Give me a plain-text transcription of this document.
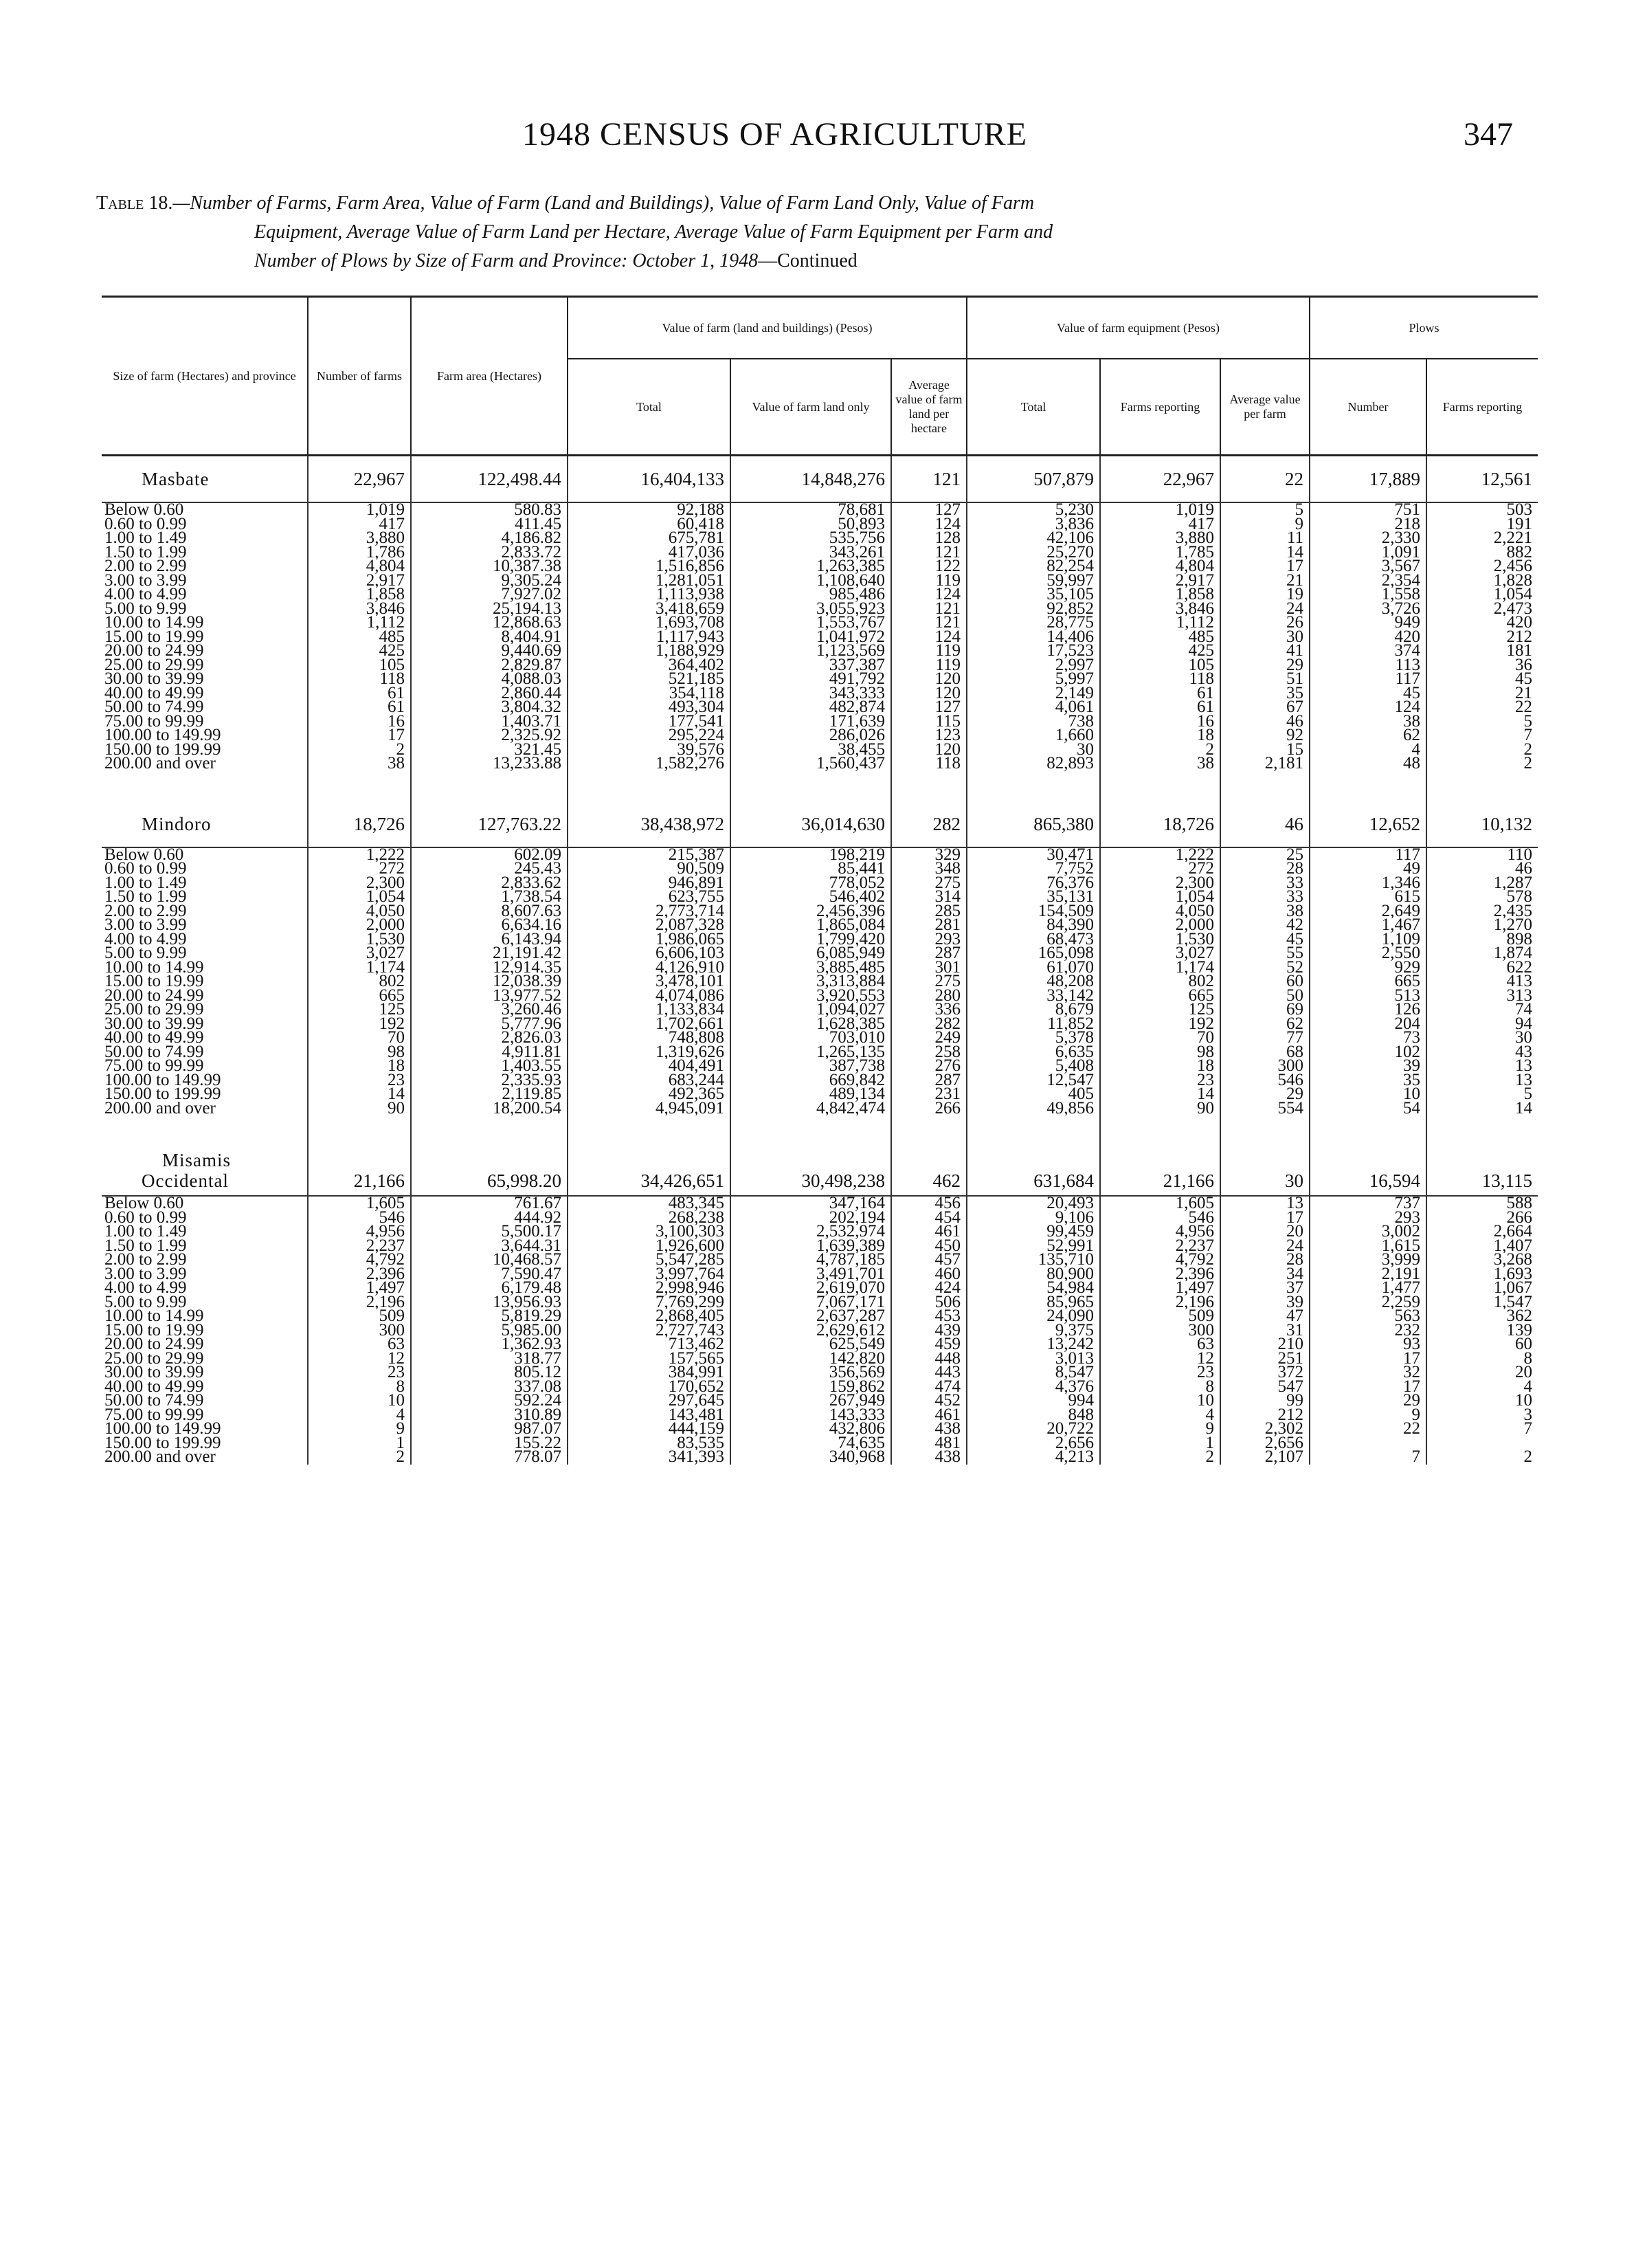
1948 CENSUS OF AGRICULTURE	347
Table 18.—Number of Farms, Farm Area, Value of Farm (Land and Buildings), Value of Farm Land Only, Value of Farm
Equipment, Average Value of Farm Land per Hectare, Average Value of Farm Equipment per Farm and
Number of Plows by Size of Farm and Province: October 1, 1948—Continued
Size of farm (Hectares) and province	Number of farms	Farm area (Hectares)	Value of farm (land and buildings) (Pesos)			Value of farm equipment (Pesos)			Plows	
			Total	Value of farm land only	Average value of farm land per hectare	Total	Farms reporting	Average value per farm	Number	Farms reporting
Masbate	22,967	122,498.44	16,404,133	14,848,276	121	507,879	22,967	22	17,889	12,561
Below 0.60	1,019	580.83	92,188	78,681	127	5,230	1,019	5	751	503
0.60 to 0.99	417	411.45	60,418	50,893	124	3,836	417	9	218	191
1.00 to 1.49	3,880	4,186.82	675,781	535,756	128	42,106	3,880	11	2,330	2,221
1.50 to 1.99	1,786	2,833.72	417,036	343,261	121	25,270	1,785	14	1,091	882
2.00 to 2.99	4,804	10,387.38	1,516,856	1,263,385	122	82,254	4,804	17	3,567	2,456
3.00 to 3.99	2,917	9,305.24	1,281,051	1,108,640	119	59,997	2,917	21	2,354	1,828
4.00 to 4.99	1,858	7,927.02	1,113,938	985,486	124	35,105	1,858	19	1,558	1,054
5.00 to 9.99	3,846	25,194.13	3,418,659	3,055,923	121	92,852	3,846	24	3,726	2,473
10.00 to 14.99	1,112	12,868.63	1,693,708	1,553,767	121	28,775	1,112	26	949	420
15.00 to 19.99	485	8,404.91	1,117,943	1,041,972	124	14,406	485	30	420	212
20.00 to 24.99	425	9,440.69	1,188,929	1,123,569	119	17,523	425	41	374	181
25.00 to 29.99	105	2,829.87	364,402	337,387	119	2,997	105	29	113	36
30.00 to 39.99	118	4,088.03	521,185	491,792	120	5,997	118	51	117	45
40.00 to 49.99	61	2,860.44	354,118	343,333	120	2,149	61	35	45	21
50.00 to 74.99	61	3,804.32	493,304	482,874	127	4,061	61	67	124	22
75.00 to 99.99	16	1,403.71	177,541	171,639	115	738	16	46	38	5
100.00 to 149.99	17	2,325.92	295,224	286,026	123	1,660	18	92	62	7
150.00 to 199.99	2	321.45	39,576	38,455	120	30	2	15	4	2
200.00 and over	38	13,233.88	1,582,276	1,560,437	118	82,893	38	2,181	48	2

Mindoro	18,726	127,763.22	38,438,972	36,014,630	282	865,380	18,726	46	12,652	10,132
Below 0.60	1,222	602.09	215,387	198,219	329	30,471	1,222	25	117	110
0.60 to 0.99	272	245.43	90,509	85,441	348	7,752	272	28	49	46
1.00 to 1.49	2,300	2,833.62	946,891	778,052	275	76,376	2,300	33	1,346	1,287
1.50 to 1.99	1,054	1,738.54	623,755	546,402	314	35,131	1,054	33	615	578
2.00 to 2.99	4,050	8,607.63	2,773,714	2,456,396	285	154,509	4,050	38	2,649	2,435
3.00 to 3.99	2,000	6,634.16	2,087,328	1,865,084	281	84,390	2,000	42	1,467	1,270
4.00 to 4.99	1,530	6,143.94	1,986,065	1,799,420	293	68,473	1,530	45	1,109	898
5.00 to 9.99	3,027	21,191.42	6,606,103	6,085,949	287	165,098	3,027	55	2,550	1,874
10.00 to 14.99	1,174	12,914.35	4,126,910	3,885,485	301	61,070	1,174	52	929	622
15.00 to 19.99	802	12,038.39	3,478,101	3,313,884	275	48,208	802	60	665	413
20.00 to 24.99	665	13,977.52	4,074,086	3,920,553	280	33,142	665	50	513	313
25.00 to 29.99	125	3,260.46	1,133,834	1,094,027	336	8,679	125	69	126	74
30.00 to 39.99	192	5,777.96	1,702,661	1,628,385	282	11,852	192	62	204	94
40.00 to 49.99	70	2,826.03	748,808	703,010	249	5,378	70	77	73	30
50.00 to 74.99	98	4,911.81	1,319,626	1,265,135	258	6,635	98	68	102	43
75.00 to 99.99	18	1,403.55	404,491	387,738	276	5,408	18	300	39	13
100.00 to 149.99	23	2,335.93	683,244	669,842	287	12,547	23	546	35	13
150.00 to 199.99	14	2,119.85	492,365	489,134	231	405	14	29	10	5
200.00 and over	90	18,200.54	4,945,091	4,842,474	266	49,856	90	554	54	14

Misamis
Occidental	21,166	65,998.20	34,426,651	30,498,238	462	631,684	21,166	30	16,594	13,115
Below 0.60	1,605	761.67	483,345	347,164	456	20,493	1,605	13	737	588
0.60 to 0.99	546	444.92	268,238	202,194	454	9,106	546	17	293	266
1.00 to 1.49	4,956	5,500.17	3,100,303	2,532,974	461	99,459	4,956	20	3,002	2,664
1.50 to 1.99	2,237	3,644.31	1,926,600	1,639,389	450	52,991	2,237	24	1,615	1,407
2.00 to 2.99	4,792	10,468.57	5,547,285	4,787,185	457	135,710	4,792	28	3,999	3,268
3.00 to 3.99	2,396	7,590.47	3,997,764	3,491,701	460	80,900	2,396	34	2,191	1,693
4.00 to 4.99	1,497	6,179.48	2,998,946	2,619,070	424	54,984	1,497	37	1,477	1,067
5.00 to 9.99	2,196	13,956.93	7,769,299	7,067,171	506	85,965	2,196	39	2,259	1,547
10.00 to 14.99	509	5,819.29	2,868,405	2,637,287	453	24,090	509	47	563	362
15.00 to 19.99	300	5,985.00	2,727,743	2,629,612	439	9,375	300	31	232	139
20.00 to 24.99	63	1,362.93	713,462	625,549	459	13,242	63	210	93	60
25.00 to 29.99	12	318.77	157,565	142,820	448	3,013	12	251	17	8
30.00 to 39.99	23	805.12	384,991	356,569	443	8,547	23	372	32	20
40.00 to 49.99	8	337.08	170,652	159,862	474	4,376	8	547	17	4
50.00 to 74.99	10	592.24	297,645	267,949	452	994	10	99	29	10
75.00 to 99.99	4	310.89	143,481	143,333	461	848	4	212	9	3
100.00 to 149.99	9	987.07	444,159	432,806	438	20,722	9	2,302	22	7
150.00 to 199.99	1	155.22	83,535	74,635	481	2,656	1	2,656		
200.00 and over	2	778.07	341,393	340,968	438	4,213	2	2,107	7	2
